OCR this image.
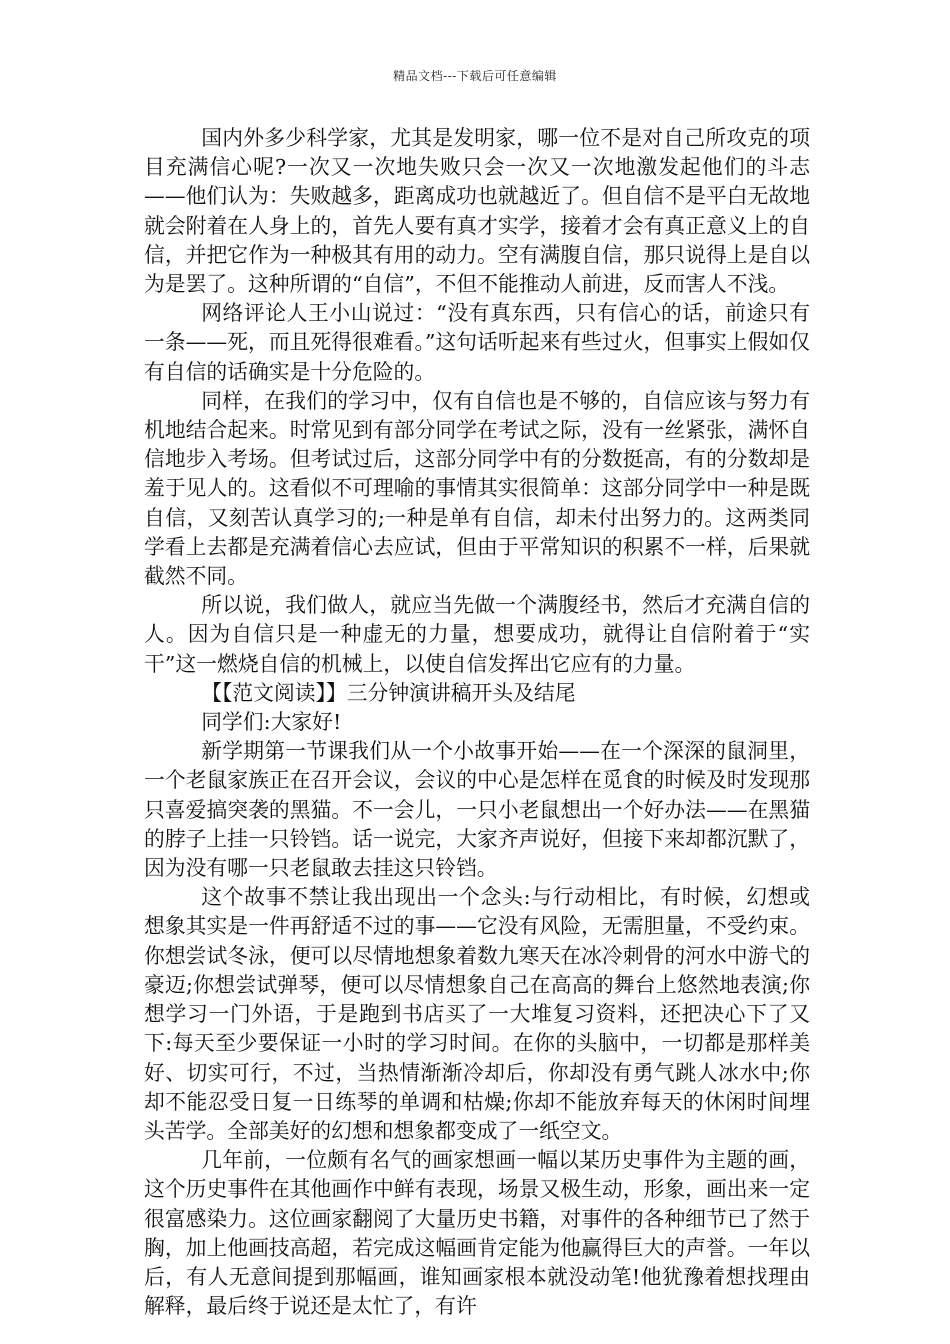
精品文档---下载后可任意编辑

国内外多少科学家，尤其是发明家，哪一位不是对自己所攻克的项目充满信心呢?一次又一次地失败只会一次又一次地激发起他们的斗志——他们认为：失败越多，距离成功也就越近了。但自信不是平白无故地就会附着在人身上的，首先人要有真才实学，接着才会有真正意义上的自信，并把它作为一种极其有用的动力。空有满腹自信，那只说得上是自以为是罢了。这种所谓的“自信”，不但不能推动人前进，反而害人不浅。

网络评论人王小山说过：“没有真东西，只有信心的话，前途只有一条——死，而且死得很难看。”这句话听起来有些过火，但事实上假如仅有自信的话确实是十分危险的。

同样，在我们的学习中，仅有自信也是不够的，自信应该与努力有机地结合起来。时常见到有部分同学在考试之际，没有一丝紧张，满怀自信地步入考场。但考试过后，这部分同学中有的分数挺高，有的分数却是羞于见人的。这看似不可理喻的事情其实很简单：这部分同学中一种是既自信，又刻苦认真学习的;一种是单有自信，却未付出努力的。这两类同学看上去都是充满着信心去应试，但由于平常知识的积累不一样，后果就截然不同。

所以说，我们做人，就应当先做一个满腹经书，然后才充满自信的人。因为自信只是一种虚无的力量，想要成功，就得让自信附着于“实干”这一燃烧自信的机械上，以使自信发挥出它应有的力量。

【【范文阅读】】三分钟演讲稿开头及结尾

同学们:大家好!

新学期第一节课我们从一个小故事开始——在一个深深的鼠洞里，一个老鼠家族正在召开会议，会议的中心是怎样在觅食的时候及时发现那只喜爱搞突袭的黑猫。不一会儿，一只小老鼠想出一个好办法——在黑猫的脖子上挂一只铃铛。话一说完，大家齐声说好，但接下来却都沉默了，因为没有哪一只老鼠敢去挂这只铃铛。

这个故事不禁让我出现出一个念头:与行动相比，有时候，幻想或想象其实是一件再舒适不过的事——它没有风险，无需胆量，不受约束。你想尝试冬泳，便可以尽情地想象着数九寒天在冰冷刺骨的河水中游弋的豪迈;你想尝试弹琴，便可以尽情想象自己在高高的舞台上悠然地表演;你想学习一门外语，于是跑到书店买了一大堆复习资料，还把决心下了又下:每天至少要保证一小时的学习时间。在你的头脑中，一切都是那样美好、切实可行，不过，当热情渐渐冷却后，你却没有勇气跳人冰水中;你却不能忍受日复一日练琴的单调和枯燥;你却不能放弃每天的休闲时间埋头苦学。全部美好的幻想和想象都变成了一纸空文。

几年前，一位颇有名气的画家想画一幅以某历史事件为主题的画，这个历史事件在其他画作中鲜有表现，场景又极生动，形象，画出来一定很富感染力。这位画家翻阅了大量历史书籍，对事件的各种细节已了然于胸，加上他画技高超，若完成这幅画肯定能为他赢得巨大的声誉。一年以后，有人无意间提到那幅画，谁知画家根本就没动笔!他犹豫着想找理由解释，最后终于说还是太忙了，有许
